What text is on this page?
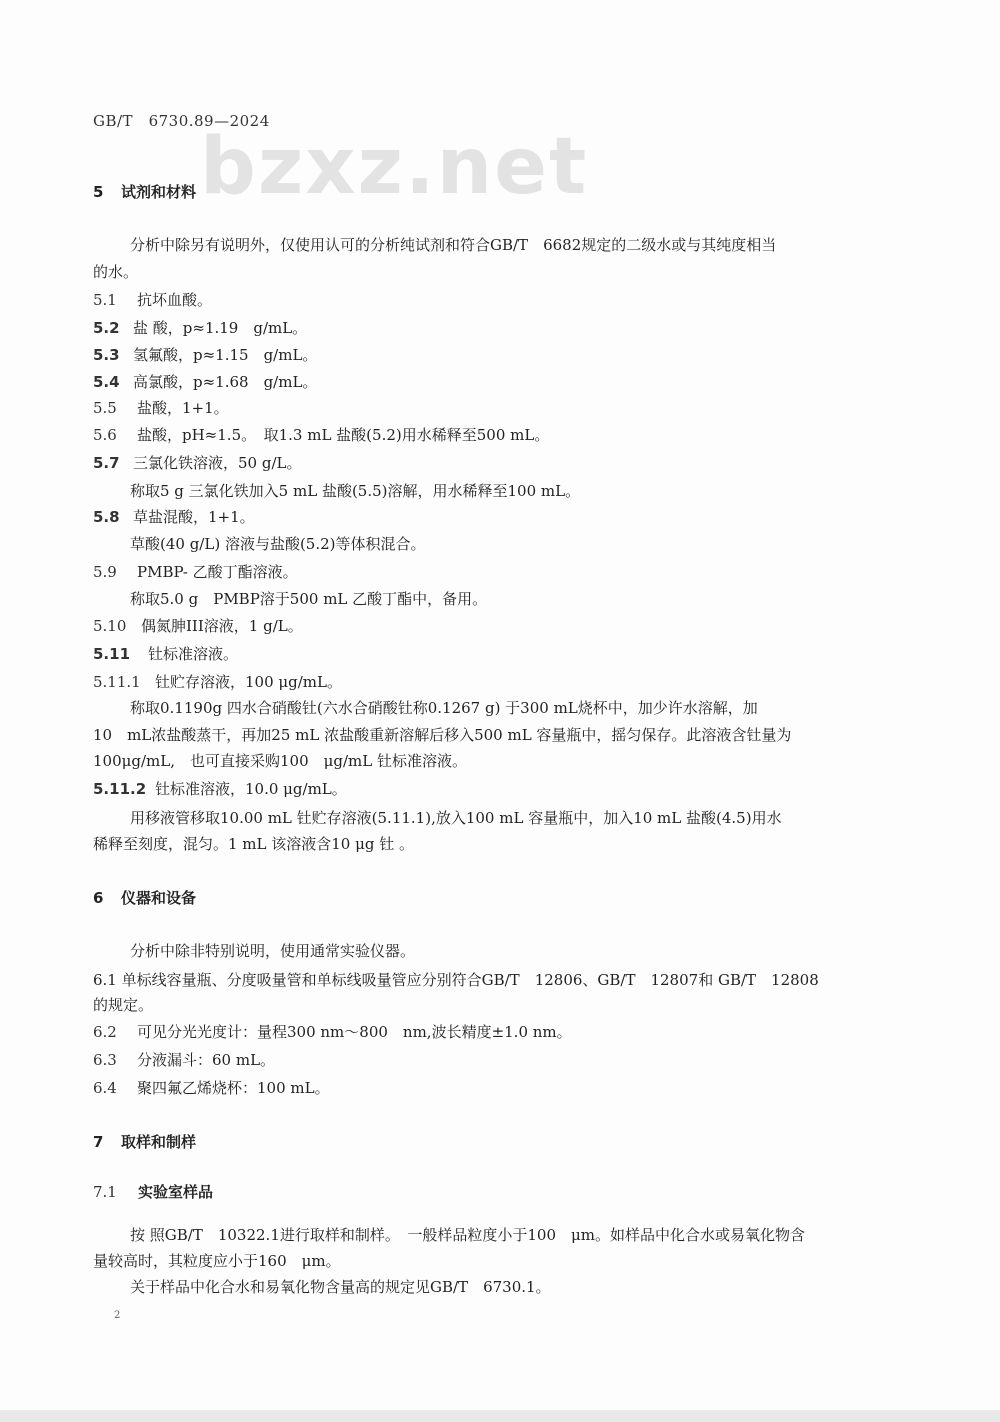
bzxz.net
GB/T　6730.89—2024
5 试剂和材料
分析中除另有说明外，仅使用认可的分析纯试剂和符合GB/T　6682规定的二级水或与其纯度相当
的水。
5.1 抗坏血酸。
5.2 盐 酸，p≈1.19　g/mL。
5.3 氢氟酸，p≈1.15　g/mL。
5.4 高氯酸，p≈1.68　g/mL。
5.5 盐酸，1+1。
5.6 盐酸，pH≈1.5。　取1.3 mL 盐酸(5.2)用水稀释至500 mL。
5.7 三氯化铁溶液，50 g/L。
称取5 g 三氯化铁加入5 mL 盐酸(5.5)溶解，用水稀释至100 mL。
5.8 草盐混酸，1+1。
草酸(40 g/L) 溶液与盐酸(5.2)等体积混合。
5.9 PMBP- 乙酸丁酯溶液。
称取5.0 g　PMBP溶于500 mL 乙酸丁酯中，备用。
5.10 偶氮胂III溶液，1 g/L。
5.11 钍标准溶液。
5.11.1 钍贮存溶液，100 μg/mL。
称取0.1190g 四水合硝酸钍(六水合硝酸钍称0.1267 g) 于300 mL烧杯中，加少许水溶解，加
10　mL浓盐酸蒸干，再加25 mL 浓盐酸重新溶解后移入500 mL 容量瓶中，摇匀保存。此溶液含钍量为
100μg/mL,　也可直接采购100　μg/mL 钍标准溶液。
5.11.2 钍标准溶液，10.0 μg/mL。
用移液管移取10.00 mL 钍贮存溶液(5.11.1),放入100 mL 容量瓶中，加入10 mL 盐酸(4.5)用水
稀释至刻度，混匀。1 mL 该溶液含10 μg 钍 。
6 仪器和设备
分析中除非特别说明，使用通常实验仪器。
6.1 单标线容量瓶、分度吸量管和单标线吸量管应分别符合GB/T　12806、GB/T　12807和 GB/T　12808
的规定。
6.2 可见分光光度计：量程300 nm～800　nm,波长精度±1.0 nm。
6.3 分液漏斗：60 mL。
6.4 聚四氟乙烯烧杯：100 mL。
7 取样和制样
7.1 实验室样品
按 照GB/T　10322.1进行取样和制样。　一般样品粒度小于100　μm。如样品中化合水或易氧化物含
量较高时，其粒度应小于160　μm。
关于样品中化合水和易氧化物含量高的规定见GB/T　6730.1。
2
